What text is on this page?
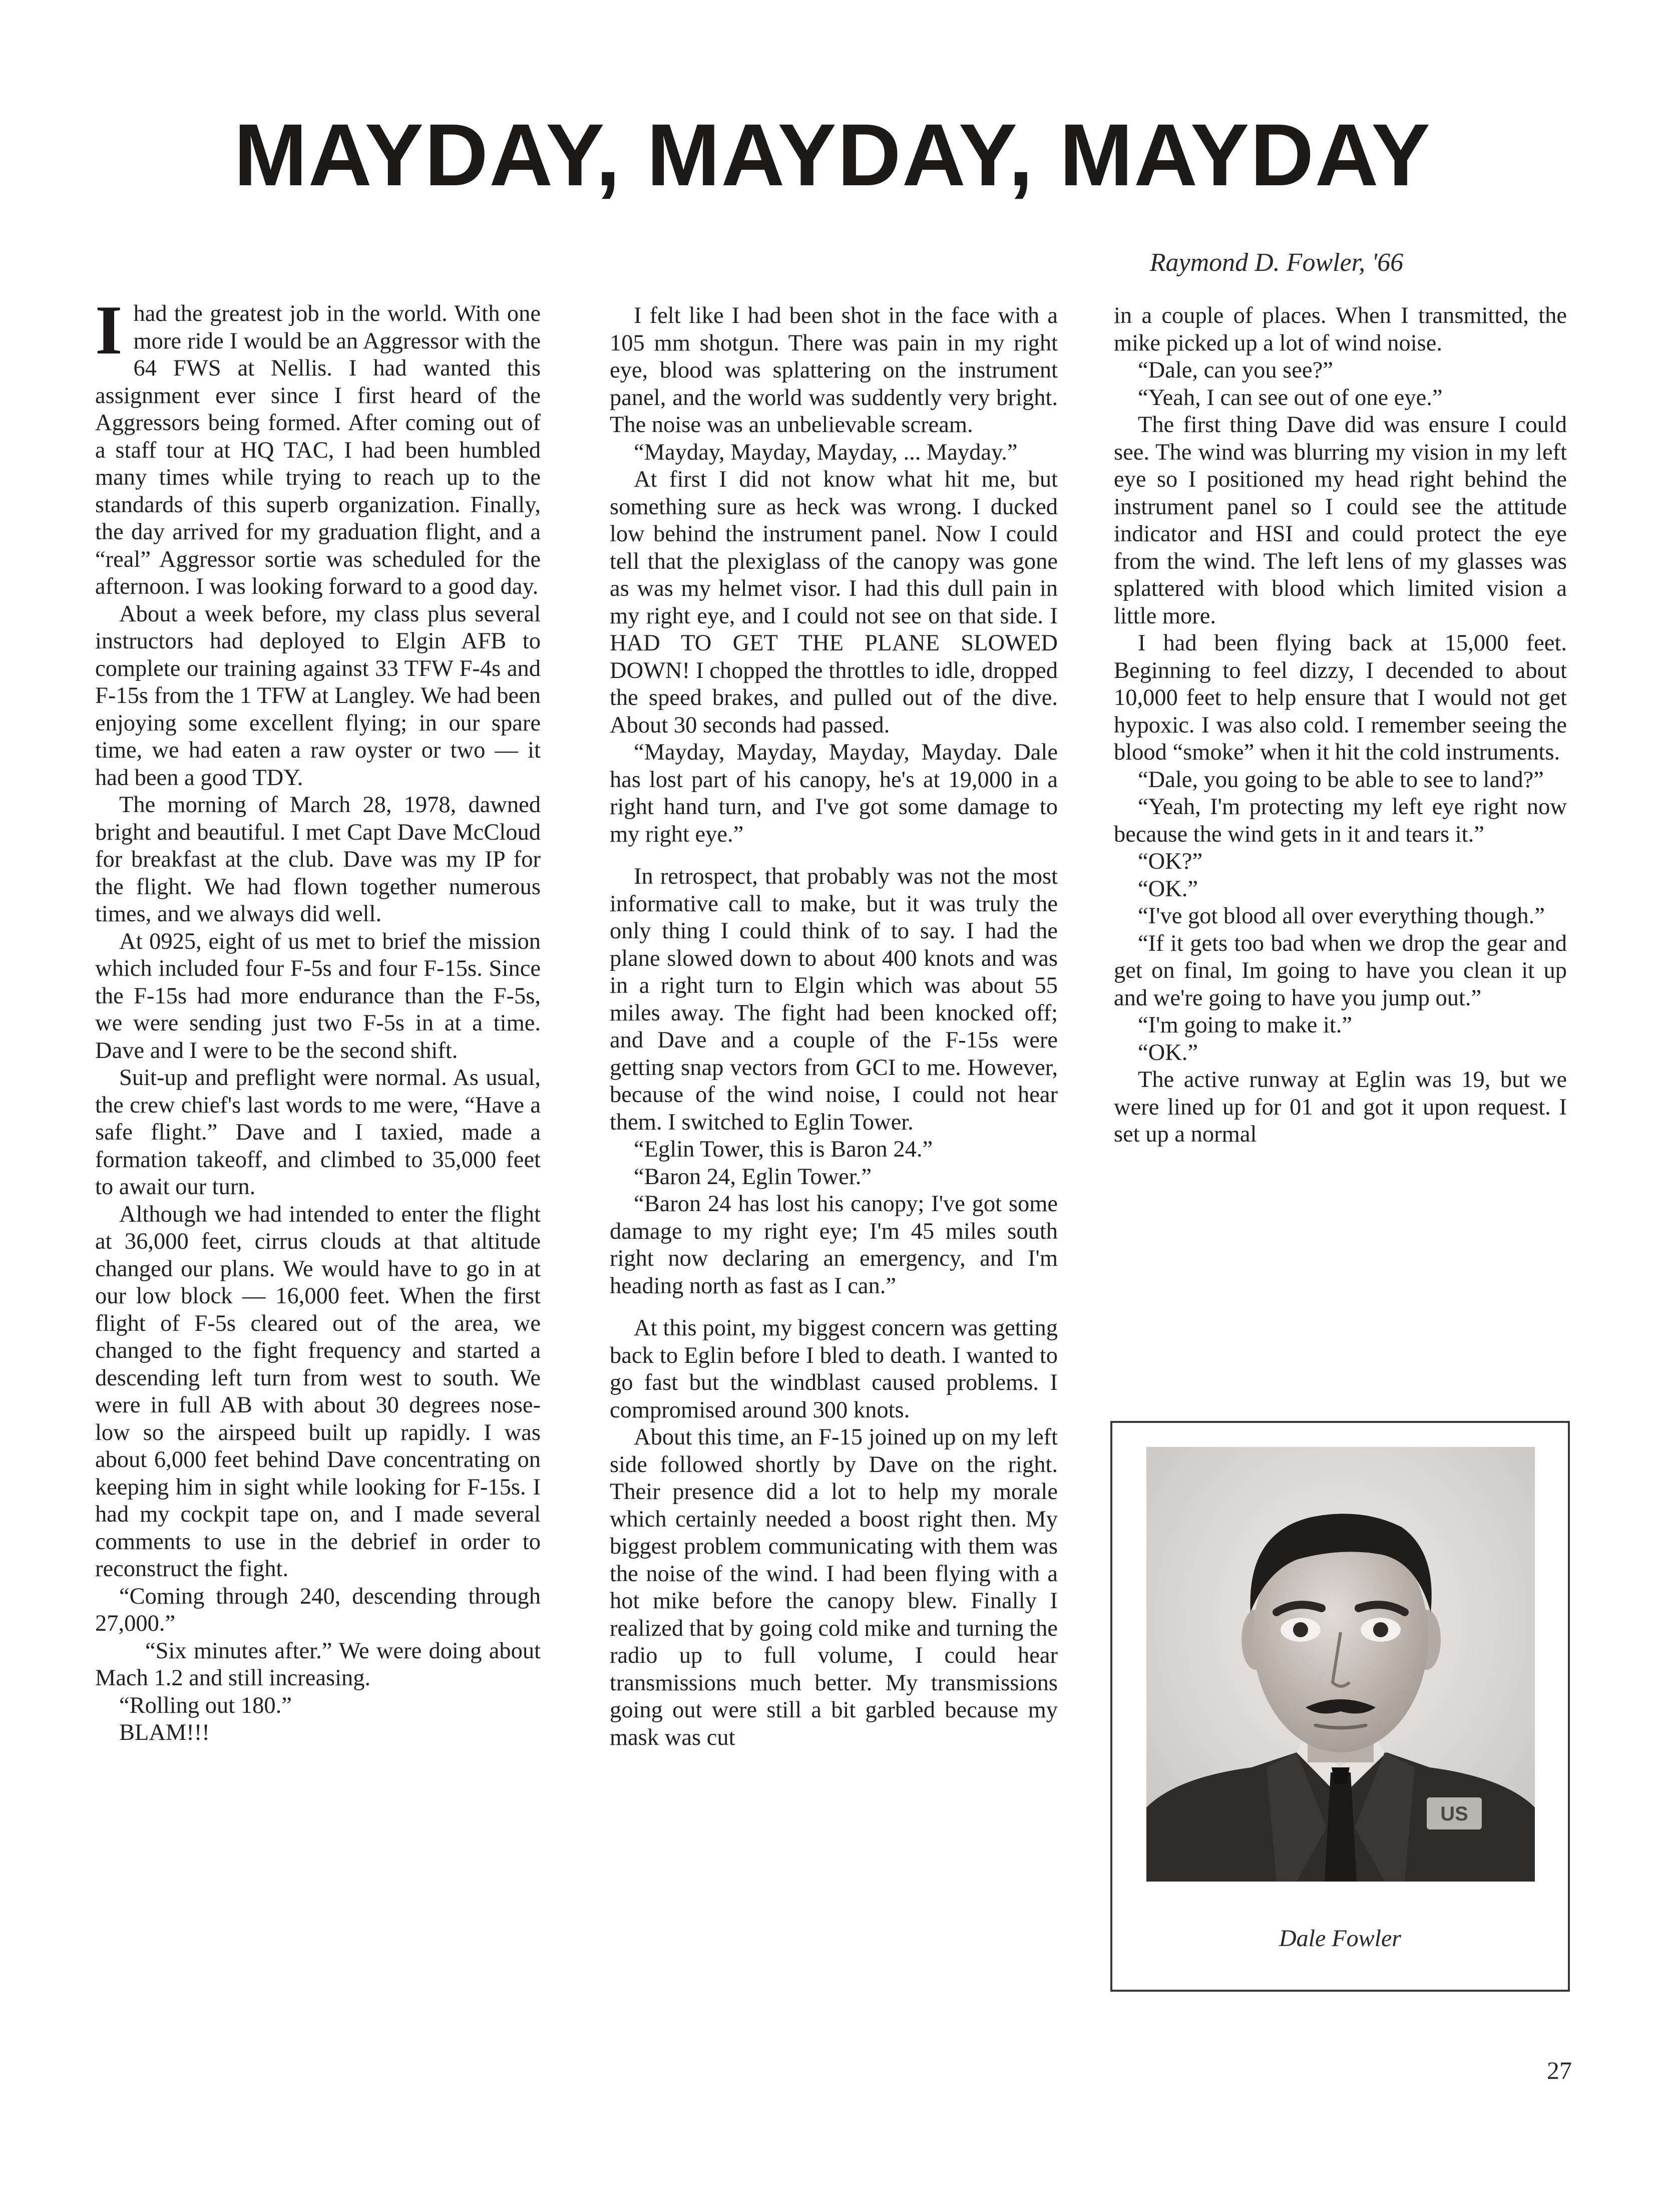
MAYDAY, MAYDAY, MAYDAY
Raymond D. Fowler, '66

Ihad the greatest job in the world. With one more ride I would be an Aggressor with the 64 FWS at Nellis. I had wanted this assignment ever since I first heard of the Aggressors being formed. After coming out of a staff tour at HQ TAC, I had been humbled many times while trying to reach up to the standards of this superb organization. Finally, the day arrived for my graduation flight, and a “real” Aggressor sortie was scheduled for the afternoon. I was looking forward to a good day.

About a week before, my class plus several instructors had deployed to Elgin AFB to complete our training against 33 TFW F-4s and F-15s from the 1 TFW at Langley. We had been enjoying some excellent flying; in our spare time, we had eaten a raw oyster or two — it had been a good TDY.

The morning of March 28, 1978, dawned bright and beautiful. I met Capt Dave McCloud for breakfast at the club. Dave was my IP for the flight. We had flown together numerous times, and we always did well.

At 0925, eight of us met to brief the mission which included four F-5s and four F-15s. Since the F-15s had more endurance than the F-5s, we were sending just two F-5s in at a time. Dave and I were to be the second shift.

Suit-up and preflight were normal. As usual, the crew chief's last words to me were, “Have a safe flight.” Dave and I taxied, made a formation takeoff, and climbed to 35,000 feet to await our turn.

Although we had intended to enter the flight at 36,000 feet, cirrus clouds at that altitude changed our plans. We would have to go in at our low block — 16,000 feet. When the first flight of F-5s cleared out of the area, we changed to the fight frequency and started a descending left turn from west to south. We were in full AB with about 30 degrees nose-low so the airspeed built up rapidly. I was about 6,000 feet behind Dave concentrating on keeping him in sight while looking for F-15s. I had my cockpit tape on, and I made several comments to use in the debrief in order to reconstruct the fight.

“Coming through 240, descending through 27,000.”

“Six minutes after.” We were doing about Mach 1.2 and still increasing.

“Rolling out 180.”

BLAM!!!

I felt like I had been shot in the face with a 105 mm shotgun. There was pain in my right eye, blood was splattering on the instrument panel, and the world was suddently very bright. The noise was an unbelievable scream.

“Mayday, Mayday, Mayday, ... Mayday.”

At first I did not know what hit me, but something sure as heck was wrong. I ducked low behind the instrument panel. Now I could tell that the plexiglass of the canopy was gone as was my helmet visor. I had this dull pain in my right eye, and I could not see on that side. I HAD TO GET THE PLANE SLOWED DOWN! I chopped the throttles to idle, dropped the speed brakes, and pulled out of the dive. About 30 seconds had passed.

“Mayday, Mayday, Mayday, Mayday. Dale has lost part of his canopy, he's at 19,000 in a right hand turn, and I've got some damage to my right eye.”

In retrospect, that probably was not the most informative call to make, but it was truly the only thing I could think of to say. I had the plane slowed down to about 400 knots and was in a right turn to Elgin which was about 55 miles away. The fight had been knocked off; and Dave and a couple of the F-15s were getting snap vectors from GCI to me. However, because of the wind noise, I could not hear them. I switched to Eglin Tower.

“Eglin Tower, this is Baron 24.”

“Baron 24, Eglin Tower.”

“Baron 24 has lost his canopy; I've got some damage to my right eye; I'm 45 miles south right now declaring an emergency, and I'm heading north as fast as I can.”

At this point, my biggest concern was getting back to Eglin before I bled to death. I wanted to go fast but the windblast caused problems. I compromised around 300 knots.

About this time, an F-15 joined up on my left side followed shortly by Dave on the right. Their presence did a lot to help my morale which certainly needed a boost right then. My biggest problem communicating with them was the noise of the wind. I had been flying with a hot mike before the canopy blew. Finally I realized that by going cold mike and turning the radio up to full volume, I could hear transmissions much better. My transmissions going out were still a bit garbled because my mask was cut

in a couple of places. When I transmitted, the mike picked up a lot of wind noise.

“Dale, can you see?”

“Yeah, I can see out of one eye.”

The first thing Dave did was ensure I could see. The wind was blurring my vision in my left eye so I positioned my head right behind the instrument panel so I could see the attitude indicator and HSI and could protect the eye from the wind. The left lens of my glasses was splattered with blood which limited vision a little more.

I had been flying back at 15,000 feet. Beginning to feel dizzy, I decended to about 10,000 feet to help ensure that I would not get hypoxic. I was also cold. I remember seeing the blood “smoke” when it hit the cold instruments.

“Dale, you going to be able to see to land?”

“Yeah, I'm protecting my left eye right now because the wind gets in it and tears it.”

“OK?”

“OK.”

“I've got blood all over everything though.”

“If it gets too bad when we drop the gear and get on final, Im going to have you clean it up and we're going to have you jump out.”

“I'm going to make it.”

“OK.”

The active runway at Eglin was 19, but we were lined up for 01 and got it upon request. I set up a normal

US
Dale Fowler
27
